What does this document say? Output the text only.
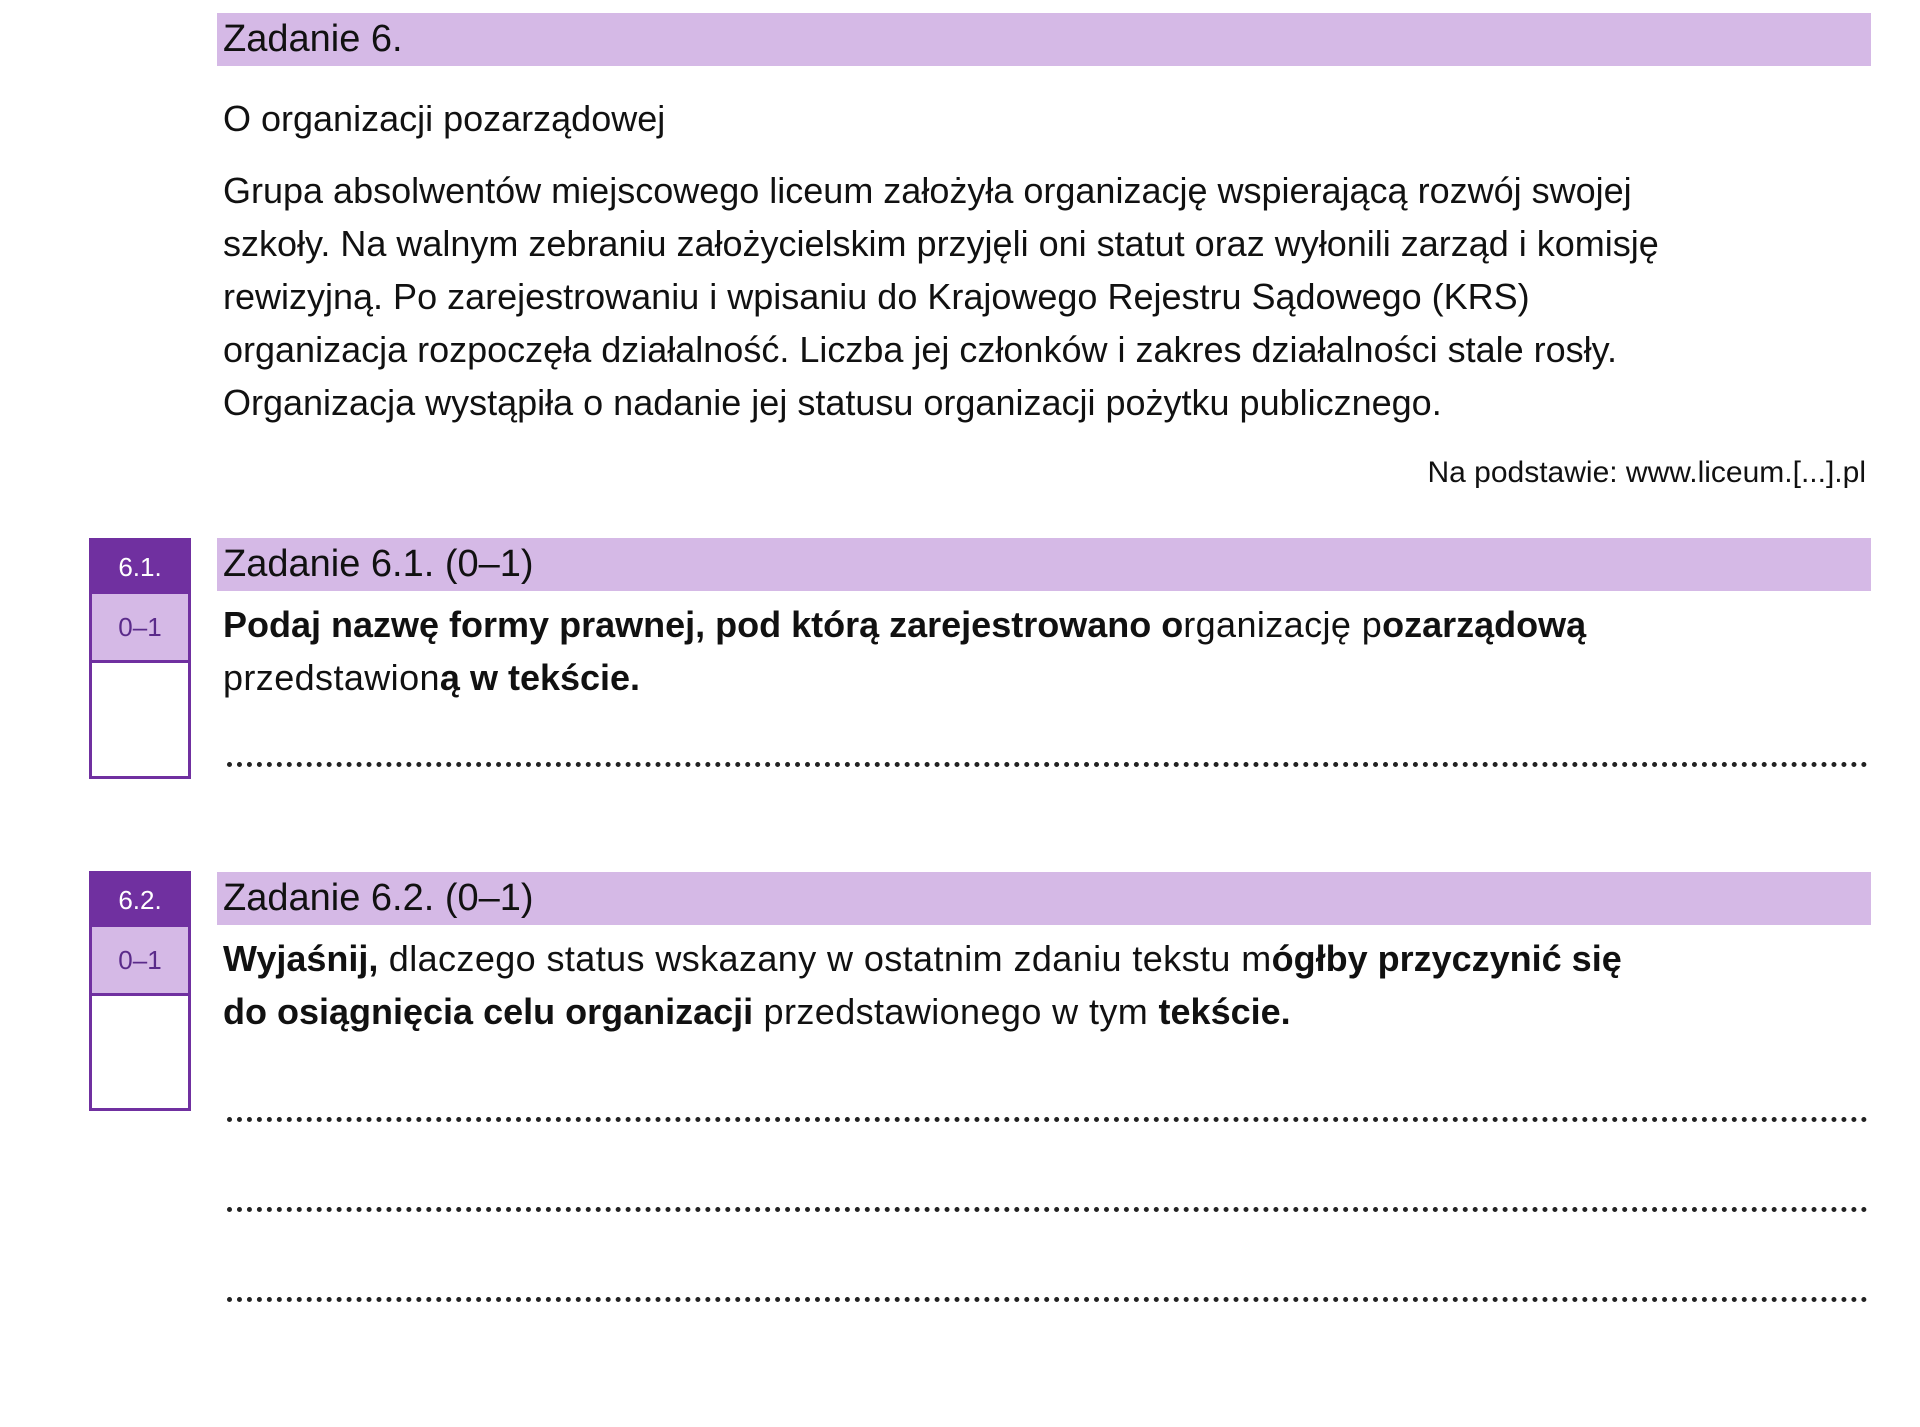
Zadanie 6.
O organizacji pozarządowej
Grupa absolwentów miejscowego liceum założyła organizację wspierającą rozwój swojej
szkoły. Na walnym zebraniu założycielskim przyjęli oni statut oraz wyłonili zarząd i komisję
rewizyjną. Po zarejestrowaniu i wpisaniu do Krajowego Rejestru Sądowego (KRS)
organizacja rozpoczęła działalność. Liczba jej członków i zakres działalności stale rosły.
Organizacja wystąpiła o nadanie jej statusu organizacji pożytku publicznego.
Na podstawie: www.liceum.[...].pl
6.1.
0–1
Zadanie 6.1. (0–1)
Podaj nazwę formy prawnej, pod którą zarejestrowano organizację pozarządową
przedstawioną w tekście.
6.2.
0–1
Zadanie 6.2. (0–1)
Wyjaśnij, dlaczego status wskazany w ostatnim zdaniu tekstu mógłby przyczynić się
do osiągnięcia celu organizacji przedstawionego w tym tekście.
